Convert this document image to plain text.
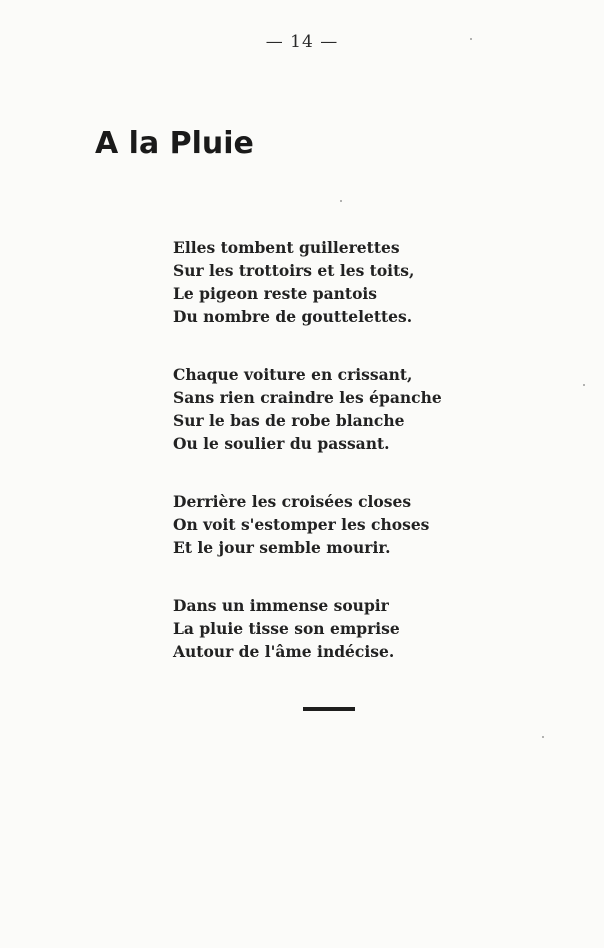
— 14 —
A la Pluie
Elles tombent guillerettes
Sur les trottoirs et les toits,
Le pigeon reste pantois
Du nombre de gouttelettes.
Chaque voiture en crissant,
Sans rien craindre les épanche
Sur le bas de robe blanche
Ou le soulier du passant.
Derrière les croisées closes
On voit s'estomper les choses
Et le jour semble mourir.
Dans un immense soupir
La pluie tisse son emprise
Autour de l'âme indécise.
